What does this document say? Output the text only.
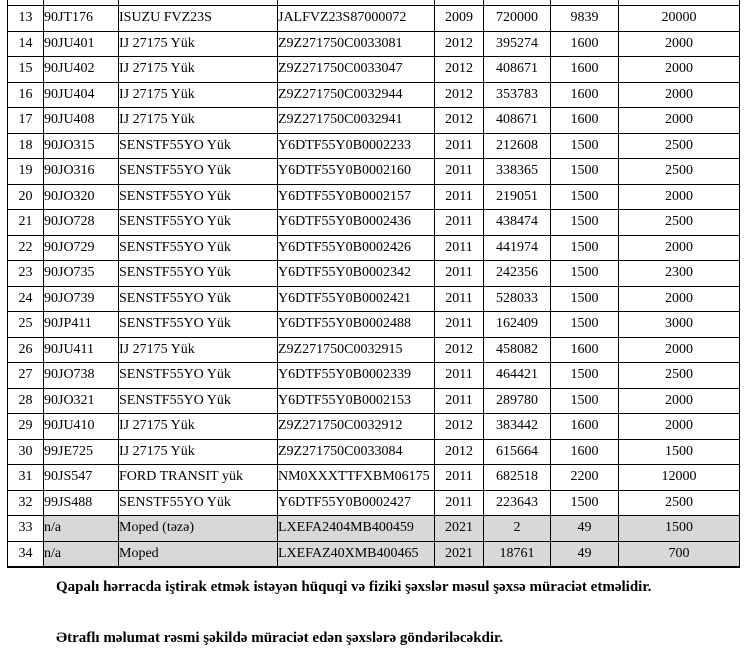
13	90JT176	ISUZU FVZ23S	JALFVZ23S87000072	2009	720000	9839	20000
14	90JU401	IJ 27175 Yük	Z9Z271750C0033081	2012	395274	1600	2000
15	90JU402	IJ 27175 Yük	Z9Z271750C0033047	2012	408671	1600	2000
16	90JU404	IJ 27175 Yük	Z9Z271750C0032944	2012	353783	1600	2000
17	90JU408	IJ 27175 Yük	Z9Z271750C0032941	2012	408671	1600	2000
18	90JO315	SENSTF55YO Yük	Y6DTF55Y0B0002233	2011	212608	1500	2500
19	90JO316	SENSTF55YO Yük	Y6DTF55Y0B0002160	2011	338365	1500	2500
20	90JO320	SENSTF55YO Yük	Y6DTF55Y0B0002157	2011	219051	1500	2000
21	90JO728	SENSTF55YO Yük	Y6DTF55Y0B0002436	2011	438474	1500	2500
22	90JO729	SENSTF55YO Yük	Y6DTF55Y0B0002426	2011	441974	1500	2000
23	90JO735	SENSTF55YO Yük	Y6DTF55Y0B0002342	2011	242356	1500	2300
24	90JO739	SENSTF55YO Yük	Y6DTF55Y0B0002421	2011	528033	1500	2000
25	90JP411	SENSTF55YO Yük	Y6DTF55Y0B0002488	2011	162409	1500	3000
26	90JU411	IJ 27175 Yük	Z9Z271750C0032915	2012	458082	1600	2000
27	90JO738	SENSTF55YO Yük	Y6DTF55Y0B0002339	2011	464421	1500	2500
28	90JO321	SENSTF55YO Yük	Y6DTF55Y0B0002153	2011	289780	1500	2000
29	90JU410	IJ 27175 Yük	Z9Z271750C0032912	2012	383442	1600	2000
30	99JE725	IJ 27175 Yük	Z9Z271750C0033084	2012	615664	1600	1500
31	90JS547	FORD TRANSIT yük	NM0XXXTTFXBM06175	2011	682518	2200	12000
32	99JS488	SENSTF55YO Yük	Y6DTF55Y0B0002427	2011	223643	1500	2500
33	n/a	Moped (təzə)	LXEFA2404MB400459	2021	2	49	1500
34	n/a	Moped	LXEFAZ40XMB400465	2021	18761	49	700
Qapalı hərracda iştirak etmək istəyən hüquqi və fiziki şəxslər məsul şəxsə müraciət etməlidir.
Ətraflı məlumat rəsmi şəkildə müraciət edən şəxslərə göndəriləcəkdir.
